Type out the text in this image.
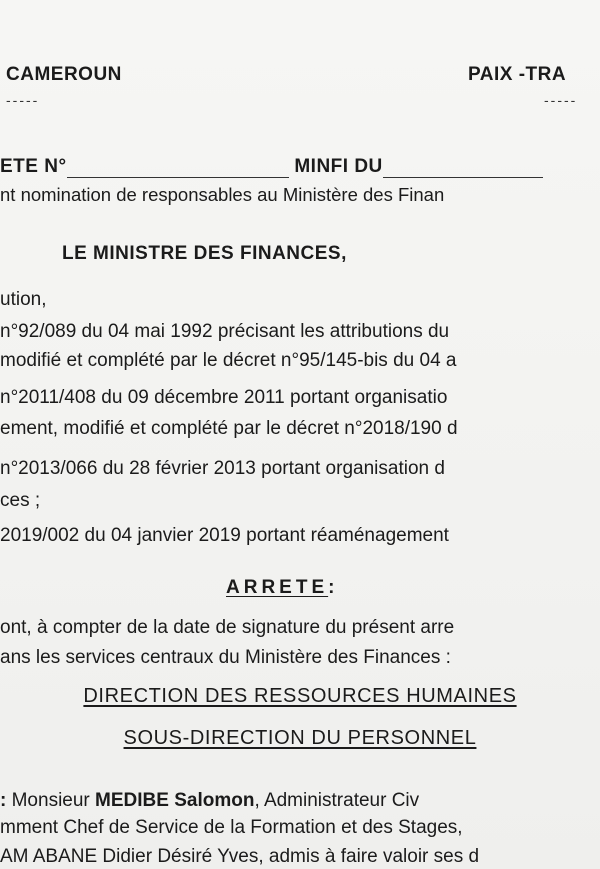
CAMEROUN
-----
PAIX -TRA
-----
ETE N°	MINFI DU
nt nomination de responsables au Ministère des Finan
LE MINISTRE DES FINANCES,
ution,
n°92/089 du 04 mai 1992 précisant les attributions du
modifié et complété par le décret n°95/145-bis du 04 a
n°2011/408 du 09 décembre 2011 portant organisatio
ement, modifié et complété par le décret n°2018/190 d
n°2013/066 du 28 février 2013 portant organisation d
ces ;
2019/002 du 04 janvier 2019 portant réaménagement
ARRETE:
ont, à compter de la date de signature du présent arre
ans les services centraux du Ministère des Finances :
DIRECTION DES RESSOURCES HUMAINES
SOUS-DIRECTION DU PERSONNEL
: Monsieur MEDIBE Salomon, Administrateur Civ
mment Chef de Service de la Formation et des Stages,
AM ABANE Didier Désiré Yves, admis à faire valoir ses d
